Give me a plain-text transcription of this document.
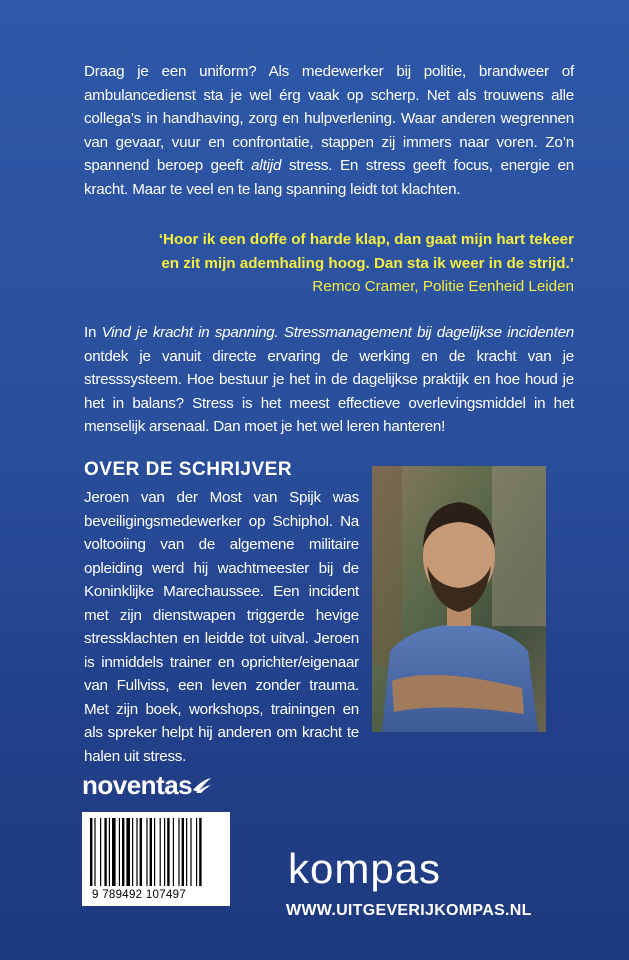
Draag je een uniform? Als medewerker bij politie, brandweer of ambulancedienst sta je wel érg vaak op scherp. Net als trouwens alle collega’s in handhaving, zorg en hulpverlening. Waar anderen wegrennen van gevaar, vuur en confrontatie, stappen zij immers naar voren. Zo’n spannend beroep geeft altijd stress. En stress geeft focus, energie en kracht. Maar te veel en te lang spanning leidt tot klachten.
‘Hoor ik een doffe of harde klap, dan gaat mijn hart tekeer
en zit mijn ademhaling hoog. Dan sta ik weer in de strijd.’
Remco Cramer, Politie Eenheid Leiden
In Vind je kracht in spanning. Stressmanagement bij dagelijkse incidenten ontdek je vanuit directe ervaring de werking en de kracht van je stresssysteem. Hoe bestuur je het in de dagelijkse praktijk en hoe houd je het in balans? Stress is het meest effectieve overlevingsmiddel in het menselijk arsenaal. Dan moet je het wel leren hanteren!
OVER DE SCHRIJVER
Jeroen van der Most van Spijk was beveiligingsmedewerker op Schiphol. Na voltooiing van de algemene militaire opleiding werd hij wachtmeester bij de Koninklijke Marechaussee. Een incident met zijn dienstwapen triggerde hevige stressklachten en leidde tot uitval. Jeroen is inmiddels trainer en oprichter/eigenaar van Fullviss, een leven zonder trauma. Met zijn boek, workshops, trainingen en als spreker helpt hij anderen om kracht te halen uit stress.
noventas
9 789492 107497
kompas
WWW.UITGEVERIJKOMPAS.NL
